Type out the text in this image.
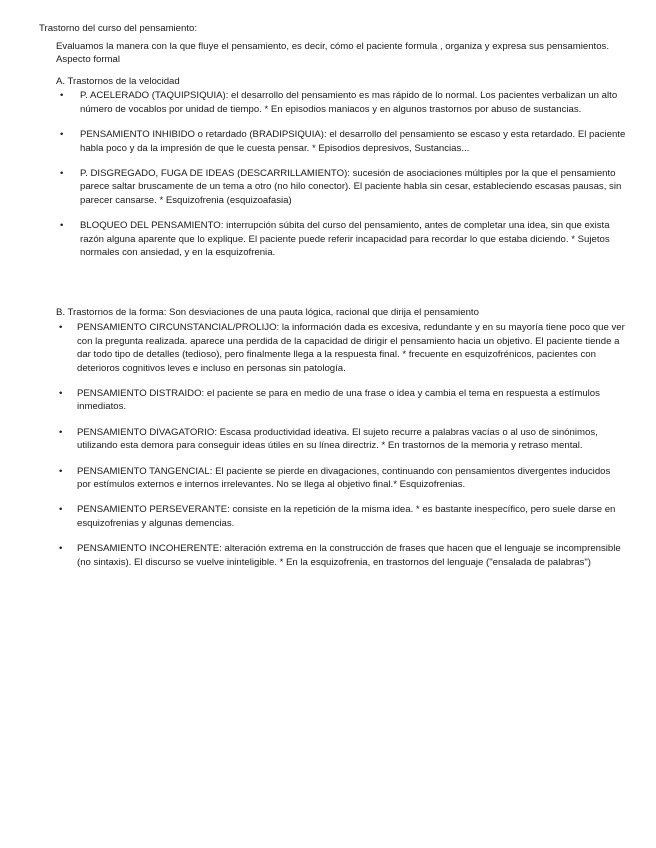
Trastorno del curso del pensamiento:
Evaluamos la manera con la que fluye el pensamiento, es decir, cómo el paciente formula , organiza y expresa sus pensamientos. Aspecto formal
A. Trastornos de la velocidad
• P. ACELERADO (TAQUIPSIQUIA): el desarrollo del pensamiento es mas rápido de lo normal. Los pacientes verbalizan un alto número de vocablos por unidad de tiempo. * En episodios maniacos y en algunos trastornos por abuso de sustancias.
• PENSAMIENTO INHIBIDO o retardado (BRADIPSIQUIA): el desarrollo del pensamiento se escaso y esta retardado. El paciente habla poco y da la impresión de que le cuesta pensar. * Episodios depresivos, Sustancias...
• P. DISGREGADO, FUGA DE IDEAS (DESCARRILLAMIENTO): sucesión de asociaciones múltiples por la que el pensamiento parece saltar bruscamente de un tema a otro (no hilo conector). El paciente habla sin cesar, estableciendo escasas pausas, sin parecer cansarse. * Esquizofrenia (esquizoafasia)
• BLOQUEO DEL PENSAMIENTO: interrupción súbita del curso del pensamiento, antes de completar una idea, sin que exista razón alguna aparente que lo explique. El paciente puede referir incapacidad para recordar lo que estaba diciendo. * Sujetos normales con ansiedad, y en la esquizofrenia.
B. Trastornos de la forma: Son desviaciones de una pauta lógica, racional que dirija el pensamiento
• PENSAMIENTO CIRCUNSTANCIAL/PROLIJO: la información dada es excesiva, redundante y en su mayoría tiene poco que ver con la pregunta realizada. aparece una perdida de la capacidad de dirigir el pensamiento hacia un objetivo. El paciente tiende a dar todo tipo de detalles (tedioso), pero finalmente llega a la respuesta final. * frecuente en esquizofrénicos, pacientes con deterioros cognitivos leves e incluso en personas sin patología.
• PENSAMIENTO DISTRAIDO: el paciente se para en medio de una frase o idea y cambia el tema en respuesta a estímulos inmediatos.
• PENSAMIENTO DIVAGATORIO: Escasa productividad ideativa. El sujeto recurre a palabras vacías o al uso de sinónimos, utilizando esta demora para conseguir ideas útiles en su línea directriz. * En trastornos de la memoria y retraso mental.
• PENSAMIENTO TANGENCIAL: El paciente se pierde en divagaciones, continuando con pensamientos divergentes inducidos por estímulos externos e internos irrelevantes. No se llega al objetivo final.* Esquizofrenias.
• PENSAMIENTO PERSEVERANTE: consiste en la repetición de la misma idea. * es bastante inespecífico, pero suele darse en esquizofrenias y algunas demencias.
• PENSAMIENTO INCOHERENTE: alteración extrema en la construcción de frases que hacen que el lenguaje se incomprensible (no sintaxis). El discurso se vuelve ininteligible. * En la esquizofrenia, en trastornos del lenguaje ("ensalada de palabras")
